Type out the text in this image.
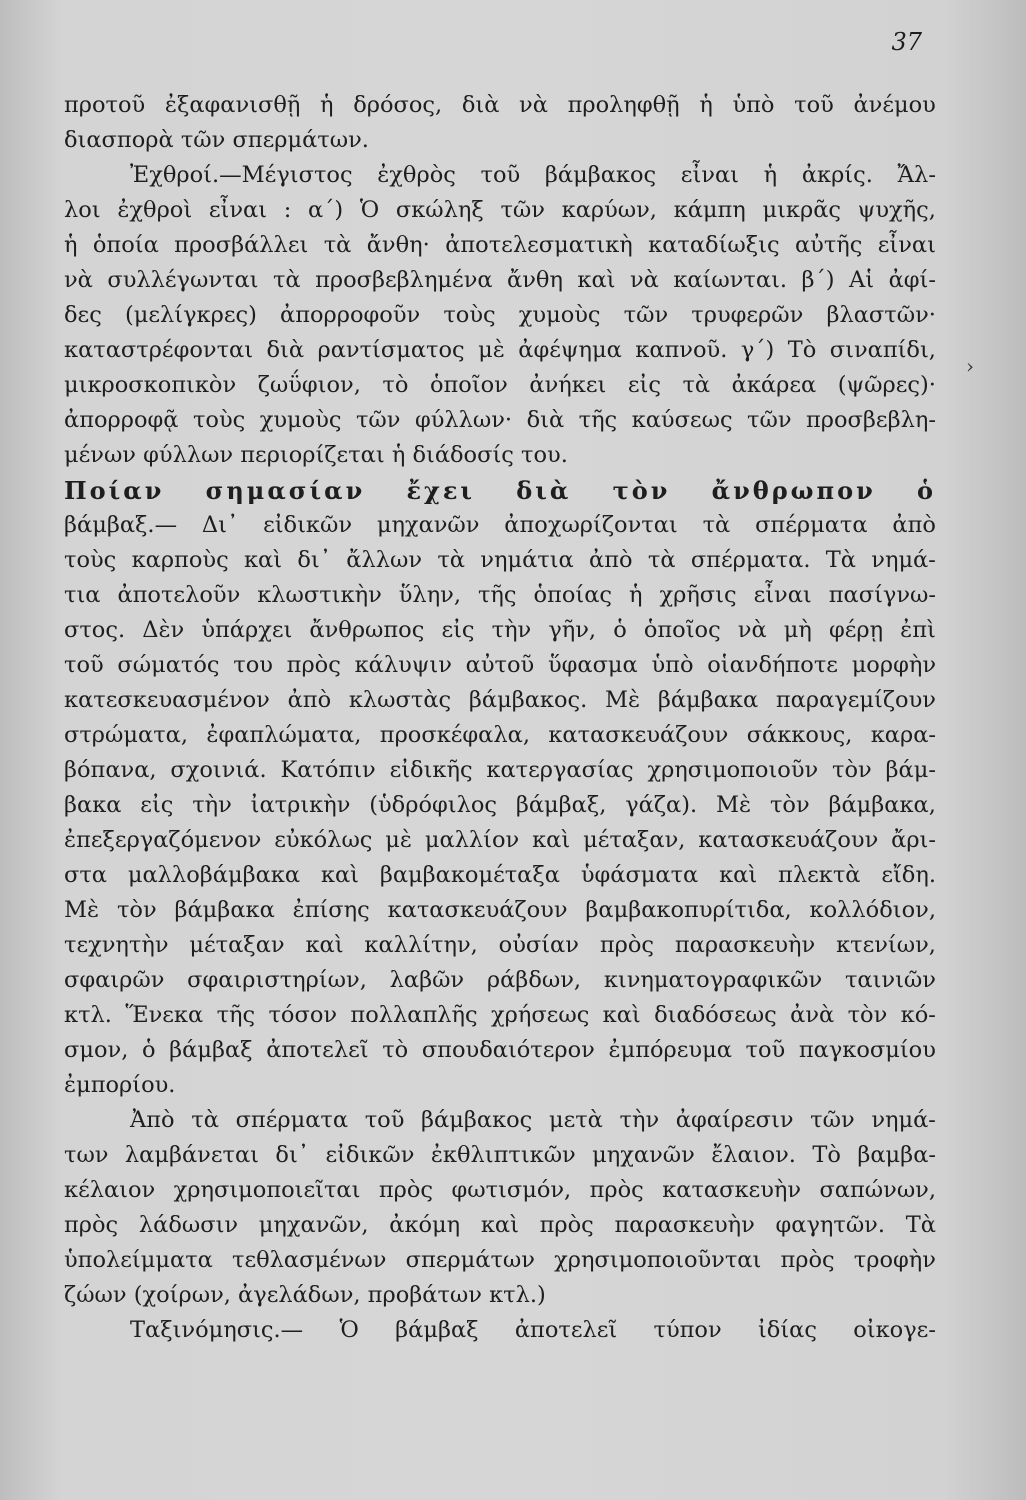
37
προτοῦ ἐξαφανισθῇ ἡ δρόσος, διὰ νὰ προληφθῇ ἡ ὑπὸ τοῦ ἀνέμου
διασπορὰ τῶν σπερμάτων.
Ἐχθροί.—Μέγιστος ἐχθρὸς τοῦ βάμβακος εἶναι ἡ ἀκρίς. Ἄλ-
λοι ἐχθροὶ εἶναι : α΄) Ὁ σκώληξ τῶν καρύων, κάμπη μικρᾶς ψυχῆς,
ἡ ὁποία προσβάλλει τὰ ἄνθη· ἀποτελεσματικὴ καταδίωξις αὐτῆς εἶναι
νὰ συλλέγωνται τὰ προσβεβλημένα ἄνθη καὶ νὰ καίωνται. β΄) Αἱ ἀφί-
δες (μελίγκρες) ἀπορροφοῦν τοὺς χυμοὺς τῶν τρυφερῶν βλαστῶν·
καταστρέφονται διὰ ραντίσματος μὲ ἀφέψημα καπνοῦ. γ΄) Τὸ σιναπίδι,
μικροσκοπικὸν ζωΰφιον, τὸ ὁποῖον ἀνήκει εἰς τὰ ἀκάρεα (ψῶρες)·
ἀπορροφᾷ τοὺς χυμοὺς τῶν φύλλων· διὰ τῆς καύσεως τῶν προσβεβλη-
μένων φύλλων περιορίζεται ἡ διάδοσίς του.
Ποίαν σημασίαν ἔχει διὰ τὸν ἄνθρωπον ὁ
βάμβαξ.— Δι᾽ εἰδικῶν μηχανῶν ἀποχωρίζονται τὰ σπέρματα ἀπὸ
τοὺς καρποὺς καὶ δι᾽ ἄλλων τὰ νημάτια ἀπὸ τὰ σπέρματα. Τὰ νημά-
τια ἀποτελοῦν κλωστικὴν ὕλην, τῆς ὁποίας ἡ χρῆσις εἶναι πασίγνω-
στος. Δὲν ὑπάρχει ἄνθρωπος εἰς τὴν γῆν, ὁ ὁποῖος νὰ μὴ φέρῃ ἐπὶ
τοῦ σώματός του πρὸς κάλυψιν αὐτοῦ ὕφασμα ὑπὸ οἱανδήποτε μορφὴν
κατεσκευασμένον ἀπὸ κλωστὰς βάμβακος. Μὲ βάμβακα παραγεμίζουν
στρώματα, ἐφαπλώματα, προσκέφαλα, κατασκευάζουν σάκκους, καρα-
βόπανα, σχοινιά. Κατόπιν εἰδικῆς κατεργασίας χρησιμοποιοῦν τὸν βάμ-
βακα εἰς τὴν ἰατρικὴν (ὑδρόφιλος βάμβαξ, γάζα). Μὲ τὸν βάμβακα,
ἐπεξεργαζόμενον εὐκόλως μὲ μαλλίον καὶ μέταξαν, κατασκευάζουν ἄρι-
στα μαλλοβάμβακα καὶ βαμβακομέταξα ὑφάσματα καὶ πλεκτὰ εἴδη.
Μὲ τὸν βάμβακα ἐπίσης κατασκευάζουν βαμβακοπυρίτιδα, κολλόδιον,
τεχνητὴν μέταξαν καὶ καλλίτην, οὐσίαν πρὸς παρασκευὴν κτενίων,
σφαιρῶν σφαιριστηρίων, λαβῶν ράβδων, κινηματογραφικῶν ταινιῶν
κτλ. Ἕνεκα τῆς τόσον πολλαπλῆς χρήσεως καὶ διαδόσεως ἀνὰ τὸν κό-
σμον, ὁ βάμβαξ ἀποτελεῖ τὸ σπουδαιότερον ἐμπόρευμα τοῦ παγκοσμίου
ἐμπορίου.
Ἀπὸ τὰ σπέρματα τοῦ βάμβακος μετὰ τὴν ἀφαίρεσιν τῶν νημά-
των λαμβάνεται δι᾽ εἰδικῶν ἐκθλιπτικῶν μηχανῶν ἔλαιον. Τὸ βαμβα-
κέλαιον χρησιμοποιεῖται πρὸς φωτισμόν, πρὸς κατασκευὴν σαπώνων,
πρὸς λάδωσιν μηχανῶν, ἀκόμη καὶ πρὸς παρασκευὴν φαγητῶν. Τὰ
ὑπολείμματα τεθλασμένων σπερμάτων χρησιμοποιοῦνται πρὸς τροφὴν
ζώων (χοίρων, ἀγελάδων, προβάτων κτλ.)
Ταξινόμησις.— Ὁ βάμβαξ ἀποτελεῖ τύπον ἰδίας οἰκογε-
›
